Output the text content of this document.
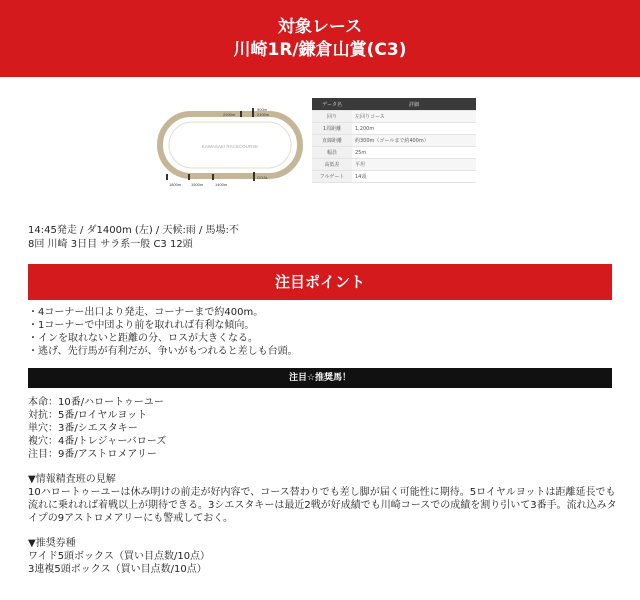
対象レース
川崎1R/鎌倉山賞(C3)
KAWASAKI RACECOURSE
900m
2100m
2200m
1800m 1500m	1400m
GOAL
データ名	詳細
回り	左回りコース
1周距離	1,200m
直線距離	約300m（ゴールまで約400m）
幅員	25m
高低差	平坦
フルゲート	14頭
14:45発走 / ダ1400m (左) / 天候:雨 / 馬場:不
8回 川崎 3日目 サラ系一般 C3 12頭
注目ポイント
・4コーナー出口より発走、コーナーまで約400m。
・1コーナーで中団より前を取れれば有利な傾向。
・インを取れないと距離の分、ロスが大きくなる。
・逃げ、先行馬が有利だが、争いがもつれると差しも台頭。
注目☆推奨馬！
本命：10番/ハロートゥーユー
対抗：5番/ロイヤルヨット
単穴：3番/シエスタキー
複穴：4番/トレジャーバローズ
注目：9番/アストロメアリー
▼情報精査班の見解
10ハロートゥーユーは休み明けの前走が好内容で、コース替わりでも差し脚が届く可能性に期待。5ロイヤルヨットは距離延長でも流れに乗れれば着戦以上が期待できる。3シエスタキーは最近2戦が好成績でも川崎コースでの成績を割り引いて3番手。流れ込みタイプの9アストロメアリーにも警戒しておく。
▼推奨券種
ワイド5頭ボックス（買い目点数/10点）
3連複5頭ボックス（買い目点数/10点）
